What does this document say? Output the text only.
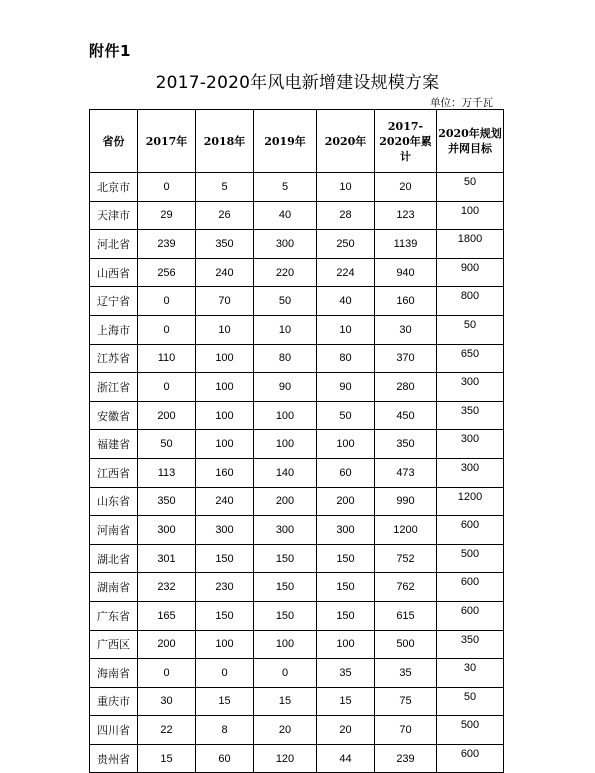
附件1
2017-2020年风电新增建设规模方案
单位：万千瓦
省份	2017年	2018年	2019年	2020年	2017-2020年累计	2020年规划并网目标
北京市	0	5	5	10	20	50
天津市	29	26	40	28	123	100
河北省	239	350	300	250	1139	1800
山西省	256	240	220	224	940	900
辽宁省	0	70	50	40	160	800
上海市	0	10	10	10	30	50
江苏省	110	100	80	80	370	650
浙江省	0	100	90	90	280	300
安徽省	200	100	100	50	450	350
福建省	50	100	100	100	350	300
江西省	113	160	140	60	473	300
山东省	350	240	200	200	990	1200
河南省	300	300	300	300	1200	600
湖北省	301	150	150	150	752	500
湖南省	232	230	150	150	762	600
广东省	165	150	150	150	615	600
广西区	200	100	100	100	500	350
海南省	0	0	0	35	35	30
重庆市	30	15	15	15	75	50
四川省	22	8	20	20	70	500
贵州省	15	60	120	44	239	600
